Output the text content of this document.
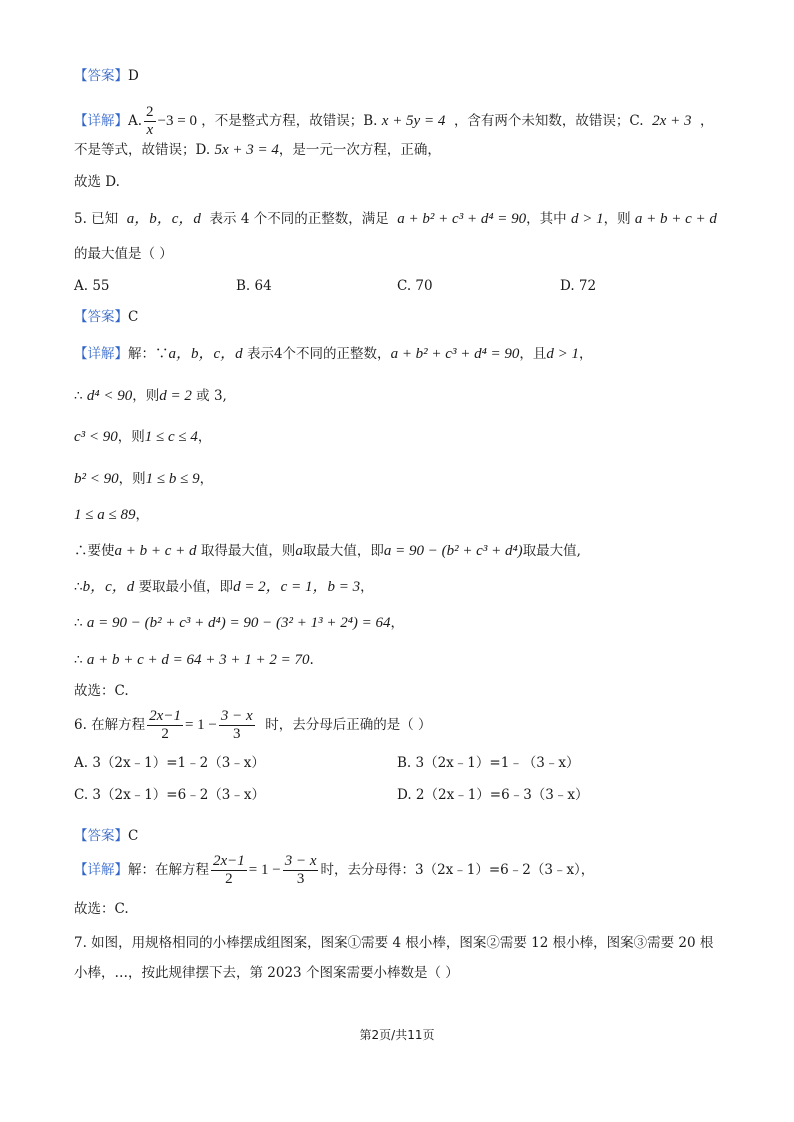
【答案】D
【详解】A. $\frac{2}{x} -3 = 0$ ，不是整式方程，故错误；B. x + 5y = 4 ，含有两个未知数，故错误；C. 2x + 3 ，
不是等式，故错误；D. 5x + 3 = 4，是一元一次方程，正确，
故选 D.
5. 已知 a，b，c，d 表示 4 个不同的正整数，满足 a + b² + c³ + d⁴ = 90，其中 d > 1，则 a + b + c + d
的最大值是（ ）
A. 55	B. 64	C. 70	D. 72
【答案】C
【详解】解：∵a，b，c，d 表示4个不同的正整数，a + b² + c³ + d⁴ = 90，且d > 1，
∴ d⁴ < 90，则d = 2 或 3,
c³ < 90，则1 ≤ c ≤ 4，
b² < 90，则1 ≤ b ≤ 9，
1 ≤ a ≤ 89，
∴要使a + b + c + d 取得最大值，则a取最大值，即a = 90 − (b² + c³ + d⁴)取最大值,
∴b，c，d 要取最小值，即d = 2，c = 1，b = 3，
∴ a = 90 − (b² + c³ + d⁴) = 90 − (3² + 1³ + 2⁴) = 64，
∴ a + b + c + d = 64 + 3 + 1 + 2 = 70.
故选：C.
6. 在解方程 $\frac{2x-1}{2} = 1 - \frac{3 - x}{3}$ 时，去分母后正确的是（ ）
A. 3（2x﹣1）=1﹣2（3﹣x）	B. 3（2x﹣1）=1﹣（3﹣x）
C. 3（2x﹣1）=6﹣2（3﹣x）	D. 2（2x﹣1）=6﹣3（3﹣x）
【答案】C
【详解】解：在解方程 $\frac{2x-1}{2} = 1 - \frac{3 - x}{3}$ 时，去分母得：3（2x﹣1）=6﹣2（3﹣x），
故选：C.
7. 如图，用规格相同的小棒摆成组图案，图案①需要 4 根小棒，图案②需要 12 根小棒，图案③需要 20 根
小棒，…，按此规律摆下去，第 2023 个图案需要小棒数是（ ）
第2页/共11页
